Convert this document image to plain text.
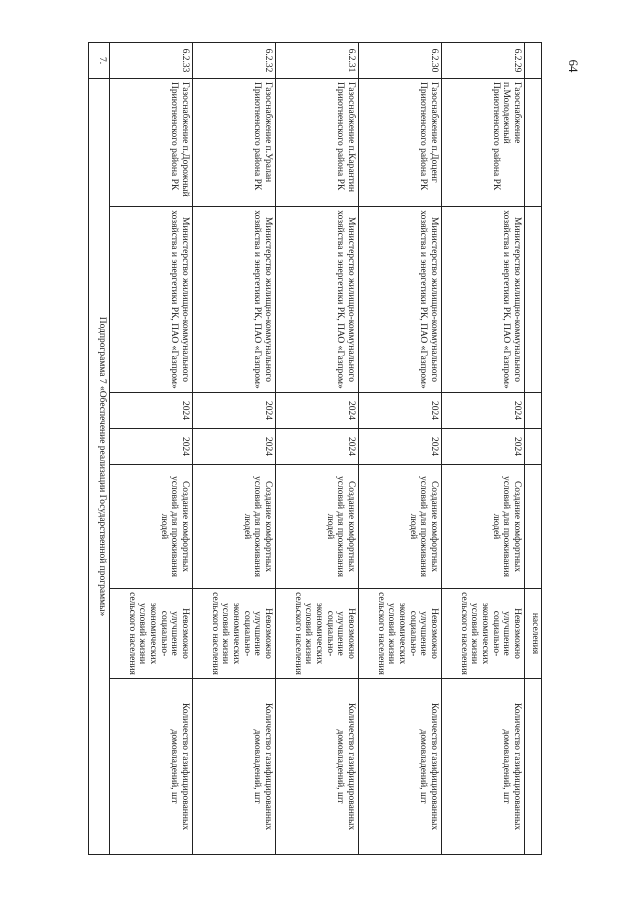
64
						населения	
6.2.29	Газоснабжение п.Молодежный Приютненского района РК	Министерство жилищно-коммунального хозяйства и энергетики РК, ПАО «Газпром»	2024	2024	Создание комфортных условий для проживания людей	Невозможно улучшение социально-экономических условий жизни сельского населения	Количество газифицированных домовладений, шт
6.2.30	Газоснабжение п.Доценг Приютненского района РК	Министерство жилищно-коммунального хозяйства и энергетики РК, ПАО «Газпром»	2024	2024	Создание комфортных условий для проживания людей	Невозможно улучшение социально-экономических условий жизни сельского населения	Количество газифицированных домовладений, шт
6.2.31	Газоснабжение п.Карантин Приютненского района РК	Министерство жилищно-коммунального хозяйства и энергетики РК, ПАО «Газпром»	2024	2024	Создание комфортных условий для проживания людей	Невозможно улучшение социально-экономических условий жизни сельского населения	Количество газифицированных домовладений, шт
6.2.32	Газоснабжение п.Уралан Приютненского района РК	Министерство жилищно-коммунального хозяйства и энергетики РК, ПАО «Газпром»	2024	2024	Создание комфортных условий для проживания людей	Невозможно улучшение социально-экономических условий жизни сельского населения	Количество газифицированных домовладений, шт
6.2.33	Газоснабжение п.Дорожный Приютненского района РК	Министерство жилищно-коммунального хозяйства и энергетики РК, ПАО «Газпром»	2024	2024	Создание комфортных условий для проживания людей	Невозможно улучшение социально-экономических условий жизни сельского населения	Количество газифицированных домовладений, шт
7.	Подпрограмма 7 «Обеспечение реализации Государственной программы»						
